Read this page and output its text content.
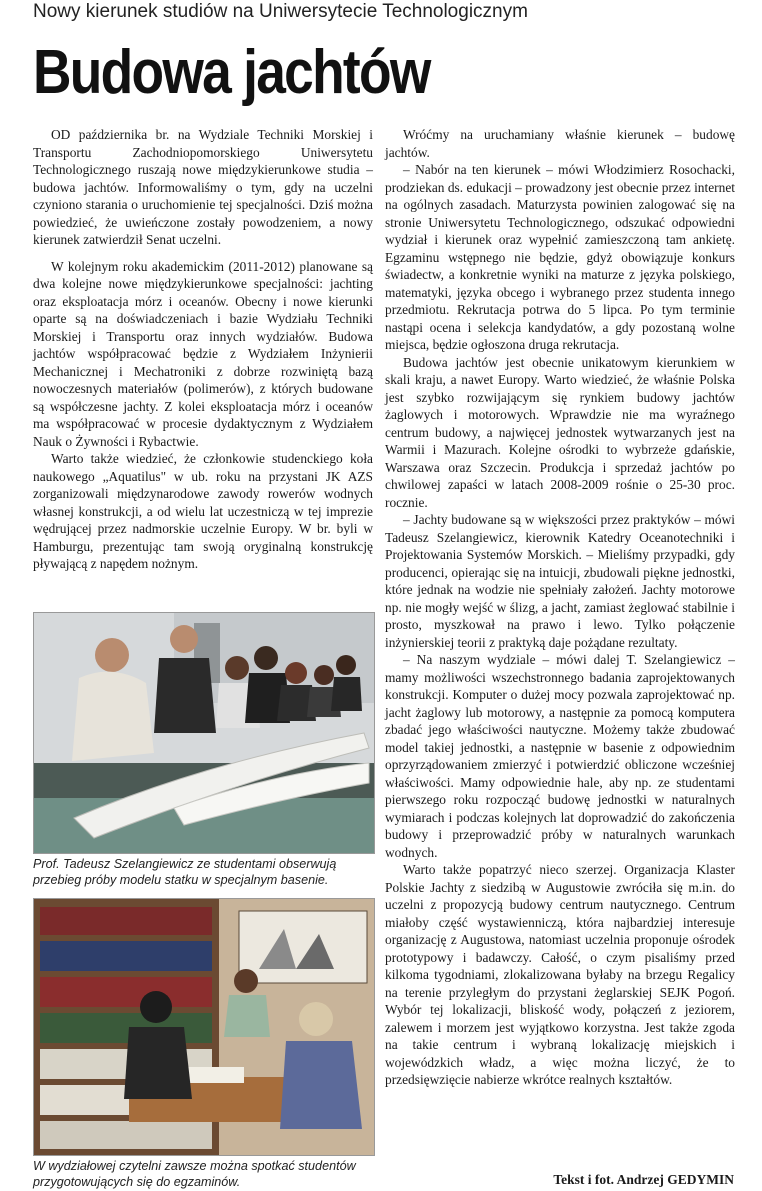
Nowy kierunek studiów na Uniwersytecie Technologicznym
Budowa jachtów

OD października br. na Wydziale Techniki Morskiej i Transportu Zachodniopomorskiego Uniwersytetu Technologicznego ruszają nowe międzykierunkowe studia – budowa jachtów. Informowaliśmy o tym, gdy na uczelni czyniono starania o uruchomienie tej specjalności. Dziś można powiedzieć, że uwieńczone zostały powodzeniem, a nowy kierunek zatwierdził Senat uczelni.

W kolejnym roku akademickim (2011-2012) planowane są dwa kolejne nowe międzykierunkowe specjalności: jachting oraz eksploatacja mórz i oceanów. Obecny i nowe kierunki oparte są na doświadczeniach i bazie Wydziału Techniki Morskiej i Transportu oraz innych wydziałów. Budowa jachtów współpracować będzie z Wydziałem Inżynierii Mechanicznej i Mechatroniki z dobrze rozwiniętą bazą nowoczesnych materiałów (polimerów), z których budowane są współczesne jachty. Z kolei eksploatacja mórz i oceanów ma współpracować w procesie dydaktycznym z Wydziałem Nauk o Żywności i Rybactwie.

Warto także wiedzieć, że członkowie studenckiego koła naukowego „Aquatilus" w ub. roku na przystani JK AZS zorganizowali międzynarodowe zawody rowerów wodnych własnej konstrukcji, a od wielu lat uczestniczą w tej imprezie wędrującej przez nadmorskie uczelnie Europy. W br. byli w Hamburgu, prezentując tam swoją oryginalną konstrukcję pływającą z napędem nożnym.

Prof. Tadeusz Szelangiewicz ze studentami obserwują przebieg próby modelu statku w specjalnym basenie.
W wydziałowej czytelni zawsze można spotkać studentów przygotowujących się do egzaminów.

Wróćmy na uruchamiany właśnie kierunek – budowę jachtów.

– Nabór na ten kierunek – mówi Włodzimierz Rosochacki, prodziekan ds. edukacji – prowadzony jest obecnie przez internet na ogólnych zasadach. Maturzysta powinien zalogować się na stronie Uniwersytetu Technologicznego, odszukać odpowiedni wydział i kierunek oraz wypełnić zamieszczoną tam ankietę. Egzaminu wstępnego nie będzie, gdyż obowiązuje konkurs świadectw, a konkretnie wyniki na maturze z języka polskiego, matematyki, języka obcego i wybranego przez studenta innego przedmiotu. Rekrutacja potrwa do 5 lipca. Po tym terminie nastąpi ocena i selekcja kandydatów, a gdy pozostaną wolne miejsca, będzie ogłoszona druga rekrutacja.

Budowa jachtów jest obecnie unikatowym kierunkiem w skali kraju, a nawet Europy. Warto wiedzieć, że właśnie Polska jest szybko rozwijającym się rynkiem budowy jachtów żaglowych i motorowych. Wprawdzie nie ma wyraźnego centrum budowy, a najwięcej jednostek wytwarzanych jest na Warmii i Mazurach. Kolejne ośrodki to wybrzeże gdańskie, Warszawa oraz Szczecin. Produkcja i sprzedaż jachtów po chwilowej zapaści w latach 2008-2009 rośnie o 25-30 proc. rocznie.

– Jachty budowane są w większości przez praktyków – mówi Tadeusz Szelangiewicz, kierownik Katedry Oceanotechniki i Projektowania Systemów Morskich. – Mieliśmy przypadki, gdy producenci, opierając się na intuicji, zbudowali piękne jednostki, które jednak na wodzie nie spełniały założeń. Jachty motorowe np. nie mogły wejść w ślizg, a jacht, zamiast żeglować stabilnie i prosto, myszkował na prawo i lewo. Tylko połączenie inżynierskiej teorii z praktyką daje pożądane rezultaty.

– Na naszym wydziale – mówi dalej T. Szelangiewicz – mamy możliwości wszechstronnego badania zaprojektowanych konstrukcji. Komputer o dużej mocy pozwala zaprojektować np. jacht żaglowy lub motorowy, a następnie za pomocą komputera zbadać jego właściwości nautyczne. Możemy także zbudować model takiej jednostki, a następnie w basenie z odpowiednim oprzyrządowaniem zmierzyć i potwierdzić obliczone wcześniej właściwości. Mamy odpowiednie hale, aby np. ze studentami pierwszego roku rozpocząć budowę jednostki w naturalnych wymiarach i podczas kolejnych lat doprowadzić do zakończenia budowy i przeprowadzić próby w naturalnych warunkach wodnych.

Warto także popatrzyć nieco szerzej. Organizacja Klaster Polskie Jachty z siedzibą w Augustowie zwróciła się m.in. do uczelni z propozycją budowy centrum nautycznego. Centrum miałoby część wystawienniczą, która najbardziej interesuje organizację z Augustowa, natomiast uczelnia proponuje ośrodek prototypowy i badawczy. Całość, o czym pisaliśmy przed kilkoma tygodniami, zlokalizowana byłaby na brzegu Regalicy na terenie przyległym do przystani żeglarskiej SEJK Pogoń. Wybór tej lokalizacji, bliskość wody, połączeń z jeziorem, zalewem i morzem jest wyjątkowo korzystna. Jest także zgoda na takie centrum i wybraną lokalizację miejskich i wojewódzkich władz, a więc można liczyć, że to przedsięwzięcie nabierze wkrótce realnych kształtów.

Tekst i fot. Andrzej GEDYMIN
